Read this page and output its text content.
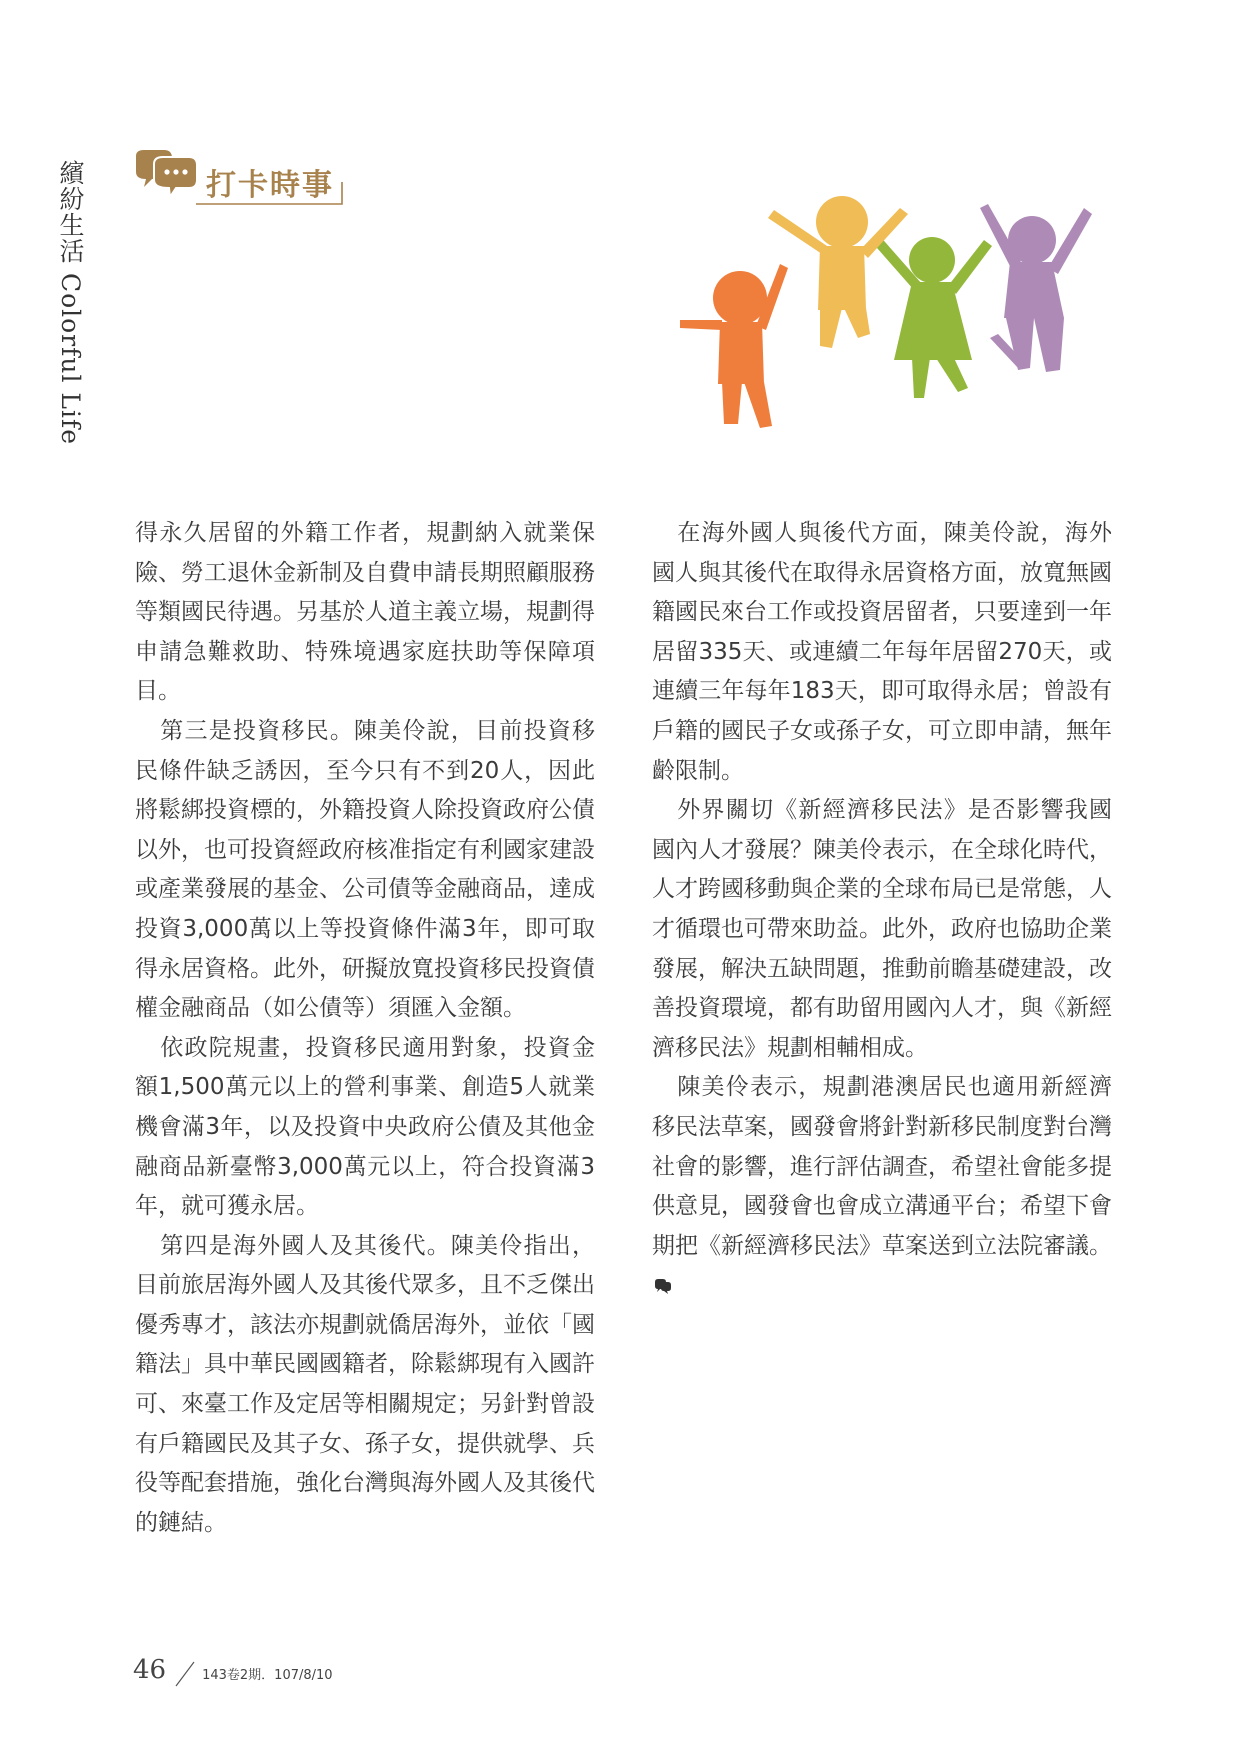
繽紛生活 Colorful Life	打卡時事

得永久居留的外籍工作者，規劃納入就業保險、勞工退休金新制及自費申請長期照顧服務等類國民待遇。另基於人道主義立場，規劃得申請急難救助、特殊境遇家庭扶助等保障項目。

第三是投資移民。陳美伶說，目前投資移民條件缺乏誘因，至今只有不到20人，因此將鬆綁投資標的，外籍投資人除投資政府公債以外，也可投資經政府核准指定有利國家建設或產業發展的基金、公司債等金融商品，達成投資3,000萬以上等投資條件滿3年，即可取得永居資格。此外，研擬放寬投資移民投資債權金融商品（如公債等）須匯入金額。

依政院規畫，投資移民適用對象，投資金額1,500萬元以上的營利事業、創造5人就業機會滿3年，以及投資中央政府公債及其他金融商品新臺幣3,000萬元以上，符合投資滿3年，就可獲永居。

第四是海外國人及其後代。陳美伶指出，目前旅居海外國人及其後代眾多，且不乏傑出優秀專才，該法亦規劃就僑居海外，並依「國籍法」具中華民國國籍者，除鬆綁現有入國許可、來臺工作及定居等相關規定；另針對曾設有戶籍國民及其子女、孫子女，提供就學、兵役等配套措施，強化台灣與海外國人及其後代的鏈結。

在海外國人與後代方面，陳美伶說，海外國人與其後代在取得永居資格方面，放寬無國籍國民來台工作或投資居留者，只要達到一年居留335天、或連續二年每年居留270天，或連續三年每年183天，即可取得永居；曾設有戶籍的國民子女或孫子女，可立即申請，無年齡限制。

外界關切《新經濟移民法》是否影響我國國內人才發展？陳美伶表示，在全球化時代，人才跨國移動與企業的全球布局已是常態，人才循環也可帶來助益。此外，政府也協助企業發展，解決五缺問題，推動前瞻基礎建設，改善投資環境，都有助留用國內人才，與《新經濟移民法》規劃相輔相成。

陳美伶表示，規劃港澳居民也適用新經濟移民法草案，國發會將針對新移民制度對台灣社會的影響，進行評估調查，希望社會能多提供意見，國發會也會成立溝通平台；希望下會期把《新經濟移民法》草案送到立法院審議。

46	143卷2期．107/8/10
